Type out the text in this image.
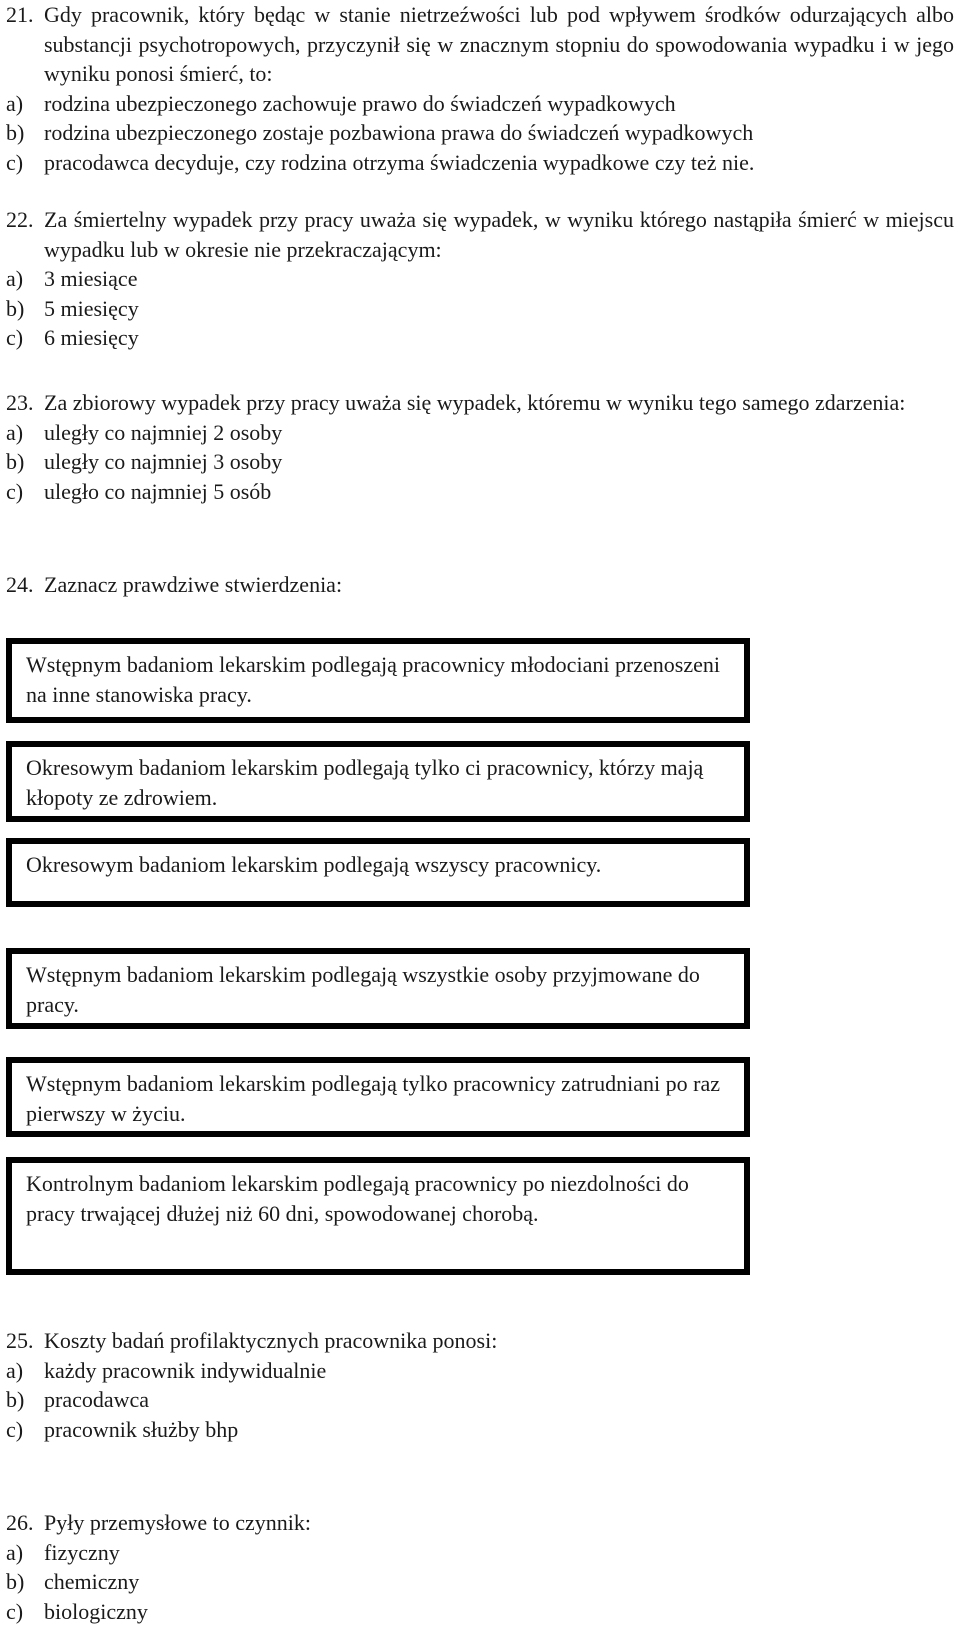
21. Gdy pracownik, który będąc w stanie nietrzeźwości lub pod wpływem środków odurzających albo substancji psychotropowych, przyczynił się w znacznym stopniu do spowodowania wypadku i w jego wyniku ponosi śmierć, to:
a) rodzina ubezpieczonego zachowuje prawo do świadczeń wypadkowych
b) rodzina ubezpieczonego zostaje pozbawiona prawa do świadczeń wypadkowych
c) pracodawca decyduje, czy rodzina otrzyma świadczenia wypadkowe czy też nie.
22. Za śmiertelny wypadek przy pracy uważa się wypadek, w wyniku którego nastąpiła śmierć w miejscu wypadku lub w okresie nie przekraczającym:
a) 3 miesiące
b) 5 miesięcy
c) 6 miesięcy
23. Za zbiorowy wypadek przy pracy uważa się wypadek, któremu w wyniku tego samego zdarzenia:
a) uległy co najmniej 2 osoby
b) uległy co najmniej 3 osoby
c) uległo co najmniej 5 osób
24. Zaznacz prawdziwe stwierdzenia:
Wstępnym badaniom lekarskim podlegają pracownicy młodociani przenoszeni na inne stanowiska pracy.
Okresowym badaniom lekarskim podlegają tylko ci pracownicy, którzy mają kłopoty ze zdrowiem.
Okresowym badaniom lekarskim podlegają wszyscy pracownicy.
Wstępnym badaniom lekarskim podlegają wszystkie osoby przyjmowane do pracy.
Wstępnym badaniom lekarskim podlegają tylko pracownicy zatrudniani po raz pierwszy w życiu.
Kontrolnym badaniom lekarskim podlegają pracownicy po niezdolności do pracy trwającej dłużej niż 60 dni, spowodowanej chorobą.
25. Koszty badań profilaktycznych pracownika ponosi:
a) każdy pracownik indywidualnie
b) pracodawca
c) pracownik służby bhp
26. Pyły przemysłowe to czynnik:
a) fizyczny
b) chemiczny
c) biologiczny
